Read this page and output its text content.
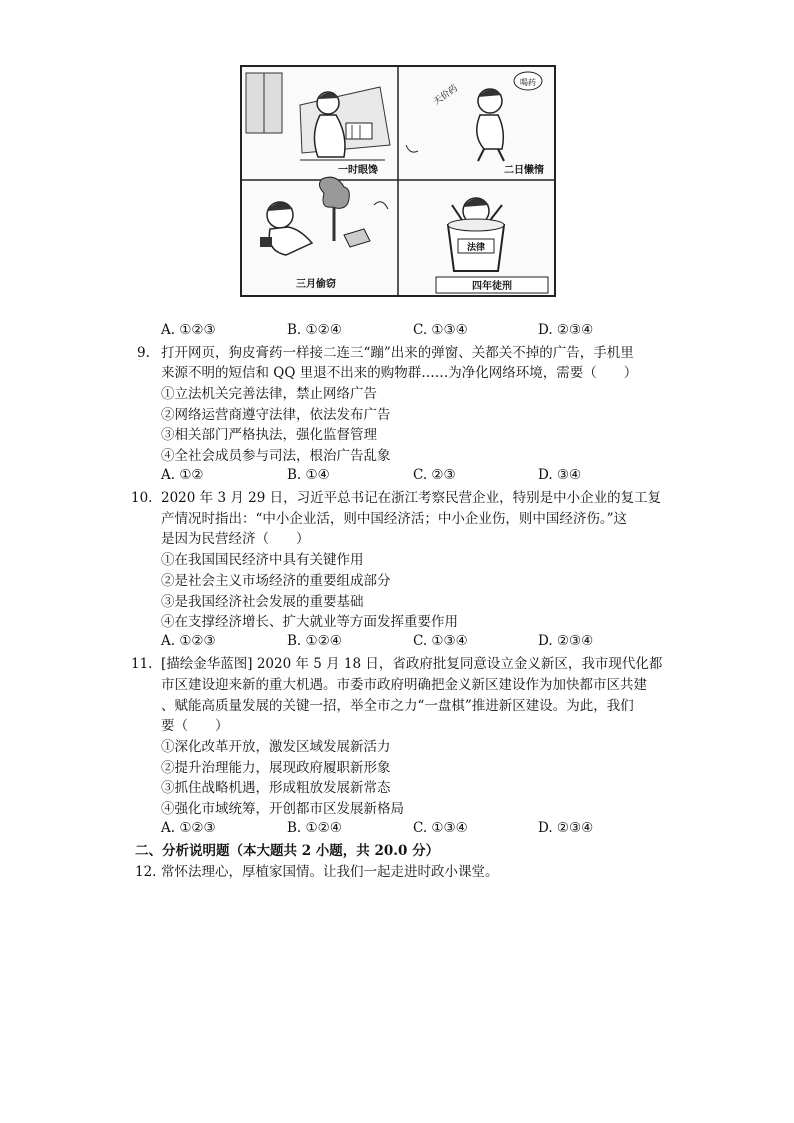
一时眼馋
喝药
天价药
二日懒惰
三月偷窃
法律
四年徒刑
A. ①②③	B. ①②④	C. ①③④	D. ②③④
9. 打开网页，狗皮膏药一样接二连三“蹦”出来的弹窗、关都关不掉的广告，手机里
来源不明的短信和 QQ 里退不出来的购物群……为净化网络环境，需要（　　）
①立法机关完善法律，禁止网络广告
②网络运营商遵守法律，依法发布广告
③相关部门严格执法，强化监督管理
④全社会成员参与司法，根治广告乱象
A. ①②	B. ①④	C. ②③	D. ③④
10. 2020 年 3 月 29 日，习近平总书记在浙江考察民营企业，特别是中小企业的复工复
产情况时指出：“中小企业活，则中国经济活；中小企业伤，则中国经济伤。”这
是因为民营经济（　　）
①在我国国民经济中具有关键作用
②是社会主义市场经济的重要组成部分
③是我国经济社会发展的重要基础
④在支撑经济增长、扩大就业等方面发挥重要作用
A. ①②③	B. ①②④	C. ①③④	D. ②③④
11. [描绘金华蓝图] 2020 年 5 月 18 日，省政府批复同意设立金义新区，我市现代化都
市区建设迎来新的重大机遇。市委市政府明确把金义新区建设作为加快都市区共建
、赋能高质量发展的关键一招，举全市之力“一盘棋”推进新区建设。为此，我们
要（　　）
①深化改革开放，激发区域发展新活力
②提升治理能力，展现政府履职新形象
③抓住战略机遇，形成粗放发展新常态
④强化市域统筹，开创都市区发展新格局
A. ①②③	B. ①②④	C. ①③④	D. ②③④
二、分析说明题（本大题共 2 小题，共 20.0 分）
12. 常怀法理心，厚植家国情。让我们一起走进时政小课堂。
